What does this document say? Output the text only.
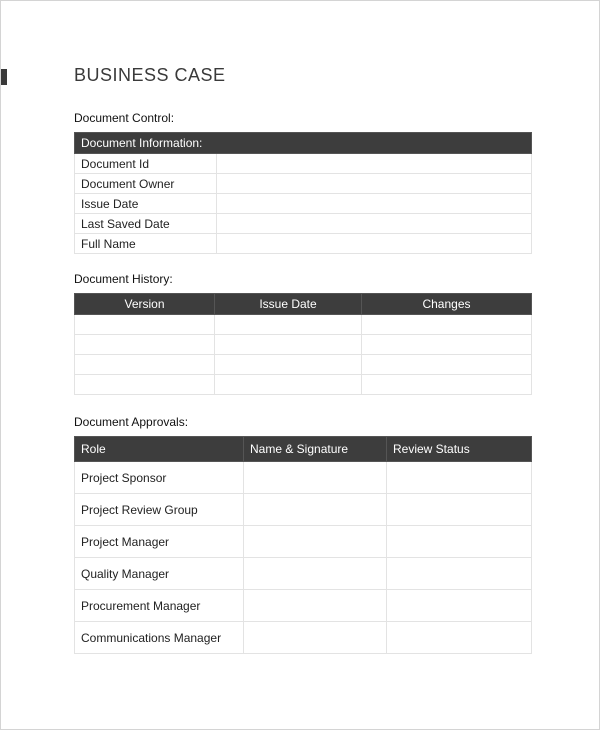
BUSINESS CASE
Document Control:
Document Information:	
Document Id	
Document Owner	
Issue Date	
Last Saved Date	
Full Name	
Document History:
Version	Issue Date	Changes

Document Approvals:
Role	Name & Signature	Review Status
Project Sponsor		
Project Review Group		
Project Manager		
Quality Manager		
Procurement Manager		
Communications Manager		
